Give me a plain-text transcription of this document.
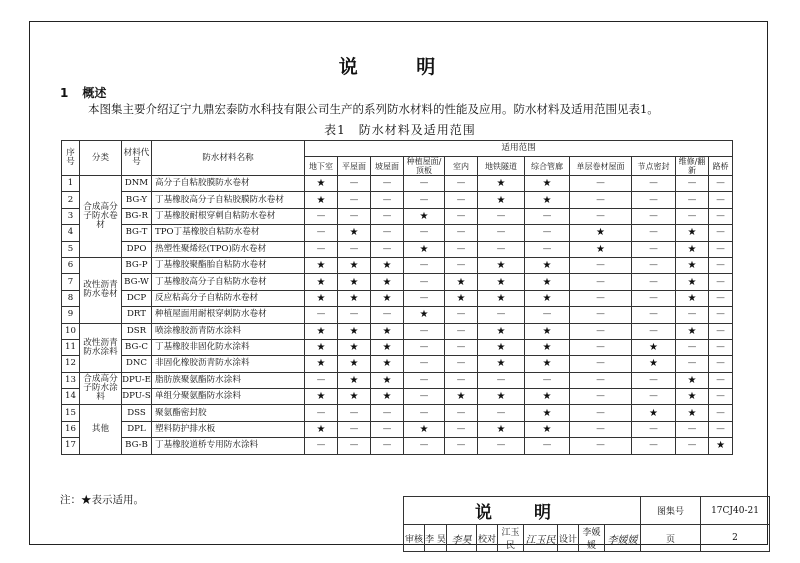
说 明
1 概述
本图集主要介绍辽宁九鼎宏泰防水科技有限公司生产的系列防水材料的性能及应用。防水材料及适用范围见表1。
表1　防水材料及适用范围
序号	分类	材料代号	防水材料名称	适用范围										
				地下室	平屋面	坡屋面	种植屋面/顶板	室内	地铁隧道	综合管廊	单层卷材屋面	节点密封	维修/翻新	路桥
1	合成高分子防水卷材	DNM	高分子自粘胶膜防水卷材	★	—	—	—	—	★	★	—	—	—	—
2		BG-Y	丁基橡胶高分子自粘胶膜防水卷材	★	—	—	—	—	★	★	—	—	—	—
3		BG-R	丁基橡胶耐根穿刺自粘防水卷材	—	—	—	★	—	—	—	—	—	—	—
4		BG-T	TPO丁基橡胶自粘防水卷材	—	★	—	—	—	—	—	★	—	★	—
5		DPO	热塑性聚烯烃(TPO)防水卷材	—	—	—	★	—	—	—	★	—	★	—
6	改性沥青防水卷材	BG-P	丁基橡胶聚酯胎自粘防水卷材	★	★	★	—	—	★	★	—	—	★	—
7		BG-W	丁基橡胶高分子自粘防水卷材	★	★	★	—	★	★	★	—	—	★	—
8		DCP	反应粘高分子自粘防水卷材	★	★	★	—	★	★	★	—	—	★	—
9		DRT	种植屋面用耐根穿刺防水卷材	—	—	—	★	—	—	—	—	—	—	—
10	改性沥青防水涂料	DSR	喷涂橡胶沥青防水涂料	★	★	★	—	—	★	★	—	—	★	—
11		BG-C	丁基橡胶非固化防水涂料	★	★	★	—	—	★	★	—	★	—	—
12		DNC	非固化橡胶沥青防水涂料	★	★	★	—	—	★	★	—	★	—	—
13	合成高分子防水涂料	DPU-E	脂肪族聚氨酯防水涂料	—	★	★	—	—	—	—	—	—	★	—
14		DPU-S	单组分聚氨酯防水涂料	★	★	★	—	★	★	★	—	—	★	—
15	其他	DSS	聚氨酯密封胶	—	—	—	—	—	—	★	—	★	★	—
16		DPL	塑料防护排水板	★	—	—	★	—	★	★	—	—	—	—
17		BG-B	丁基橡胶道桥专用防水涂料	—	—	—	—	—	—	—	—	—	—	★
注：★表示适用。
说 明									图集号	17CJ40-21
审核	李 昊	李昊	校对	江玉民	江玉民	设计	李媛媛	李媛媛	页	2
